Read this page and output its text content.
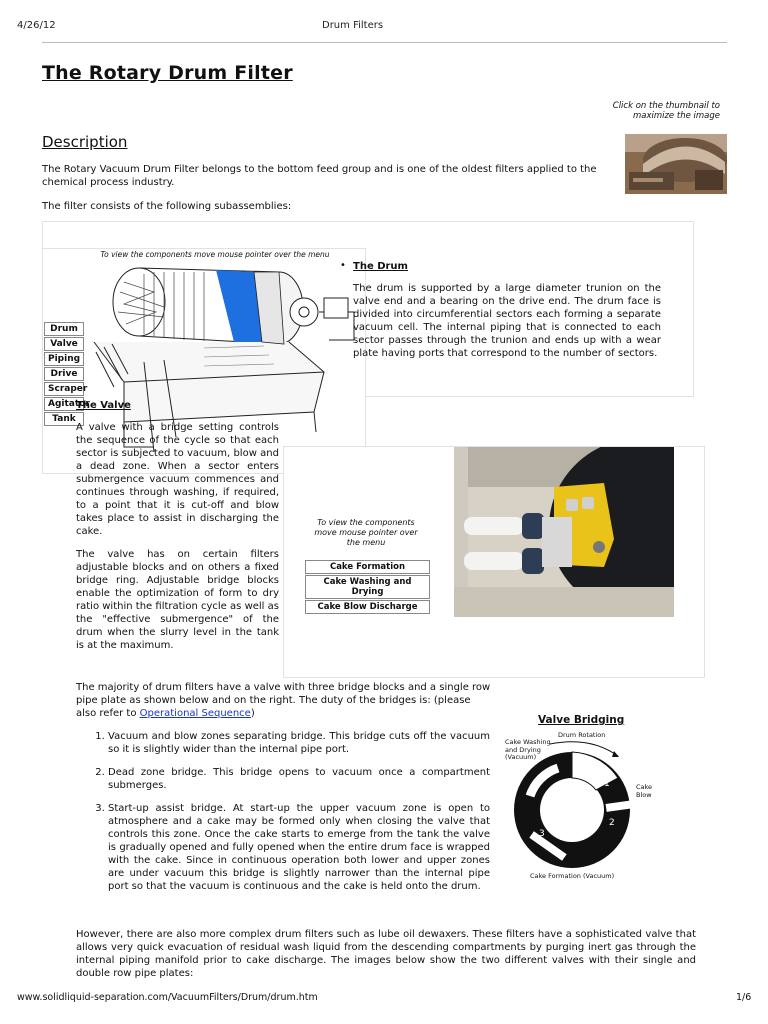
4/26/12	Drum Filters
The Rotary Drum Filter
Click on the thumbnail to maximize the image
Description
The Rotary Vacuum Drum Filter belongs to the bottom feed group and is one of the oldest filters applied to the chemical process industry.
The filter consists of the following subassemblies:
To view the components move mouse pointer over the menu
Drum
Valve
Piping
Drive
Scraper
Agitator
Tank
• The Drum
The drum is supported by a large diameter trunion on the valve end and a bearing on the drive end. The drum face is divided into circumferential sectors each forming a separate vacuum cell. The internal piping that is connected to each sector passes through the trunion and ends up with a wear plate having ports that correspond to the number of sectors.
The Valve
A valve with a bridge setting controls the sequence of the cycle so that each sector is subjected to vacuum, blow and a dead zone. When a sector enters submergence vacuum commences and continues through washing, if required, to a point that it is cut-off and blow takes place to assist in discharging the cake.
The valve has on certain filters adjustable blocks and on others a fixed bridge ring. Adjustable bridge blocks enable the optimization of form to dry ratio within the filtration cycle as well as the "effective submergence" of the drum when the slurry level in the tank is at the maximum.
To view the components move mouse pointer over the menu
Cake Formation
Cake Washing and Drying
Cake Blow Discharge
The majority of drum filters have a valve with three bridge blocks and a single row pipe plate as shown below and on the right. The duty of the bridges is: (please also refer to Operational Sequence)
1. Vacuum and blow zones separating bridge. This bridge cuts off the vacuum so it is slightly wider than the internal pipe port.
2. Dead zone bridge. This bridge opens to vacuum once a compartment submerges.
3. Start-up assist bridge. At start-up the upper vacuum zone is open to atmosphere and a cake may be formed only when closing the valve that controls this zone. Once the cake starts to emerge from the tank the valve is gradually opened and fully opened when the entire drum face is wrapped with the cake. Since in continuous operation both lower and upper zones are under vacuum this bridge is slightly narrower than the internal pipe port so that the vacuum is continuous and the cake is held onto the drum.
Valve Bridging
Drum Rotation
Cake Washing and Drying (Vacuum)
Cake Blow
Cake Formation (Vacuum)
1
2
3
However, there are also more complex drum filters such as lube oil dewaxers. These filters have a sophisticated valve that allows very quick evacuation of residual wash liquid from the descending compartments by purging inert gas through the internal piping manifold prior to cake discharge. The images below show the two different valves with their single and double row pipe plates:
www.solidliquid-separation.com/VacuumFilters/Drum/drum.htm	1/6
